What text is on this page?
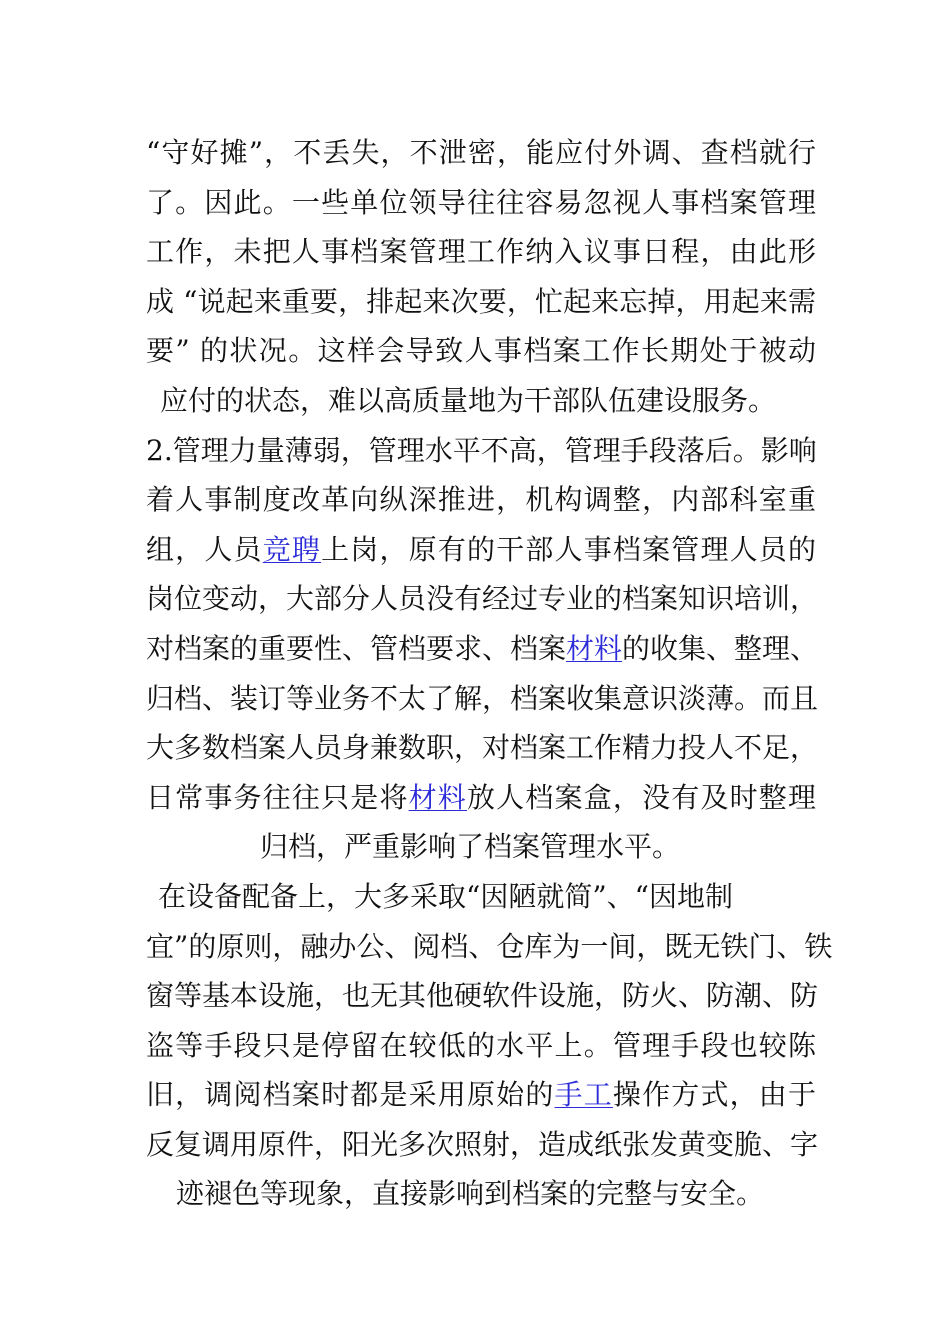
“守好摊”，不丢失，不泄密，能应付外调、查档就行
了。因此。一些单位领导往往容易忽视人事档案管理
工作，未把人事档案管理工作纳入议事日程，由此形
成 “说起来重要，排起来次要，忙起来忘掉，用起来需
要” 的状况。这样会导致人事档案工作长期处于被动
应付的状态，难以高质量地为干部队伍建设服务。
2.管理力量薄弱，管理水平不高，管理手段落后。影响
着人事制度改革向纵深推进，机构调整，内部科室重
组，人员竞聘上岗，原有的干部人事档案管理人员的
岗位变动，大部分人员没有经过专业的档案知识培训，
对档案的重要性、管档要求、档案材料的收集、整理、
归档、装订等业务不太了解，档案收集意识淡薄。而且
大多数档案人员身兼数职，对档案工作精力投人不足，
日常事务往往只是将材料放人档案盒，没有及时整理
归档，严重影响了档案管理水平。
在设备配备上，大多采取“因陋就简”、“因地制
宜”的原则，融办公、阅档、仓库为一间，既无铁门、铁
窗等基本设施，也无其他硬软件设施，防火、防潮、防
盗等手段只是停留在较低的水平上。管理手段也较陈
旧，调阅档案时都是采用原始的手工操作方式，由于
反复调用原件，阳光多次照射，造成纸张发黄变脆、字
迹褪色等现象，直接影响到档案的完整与安全。
